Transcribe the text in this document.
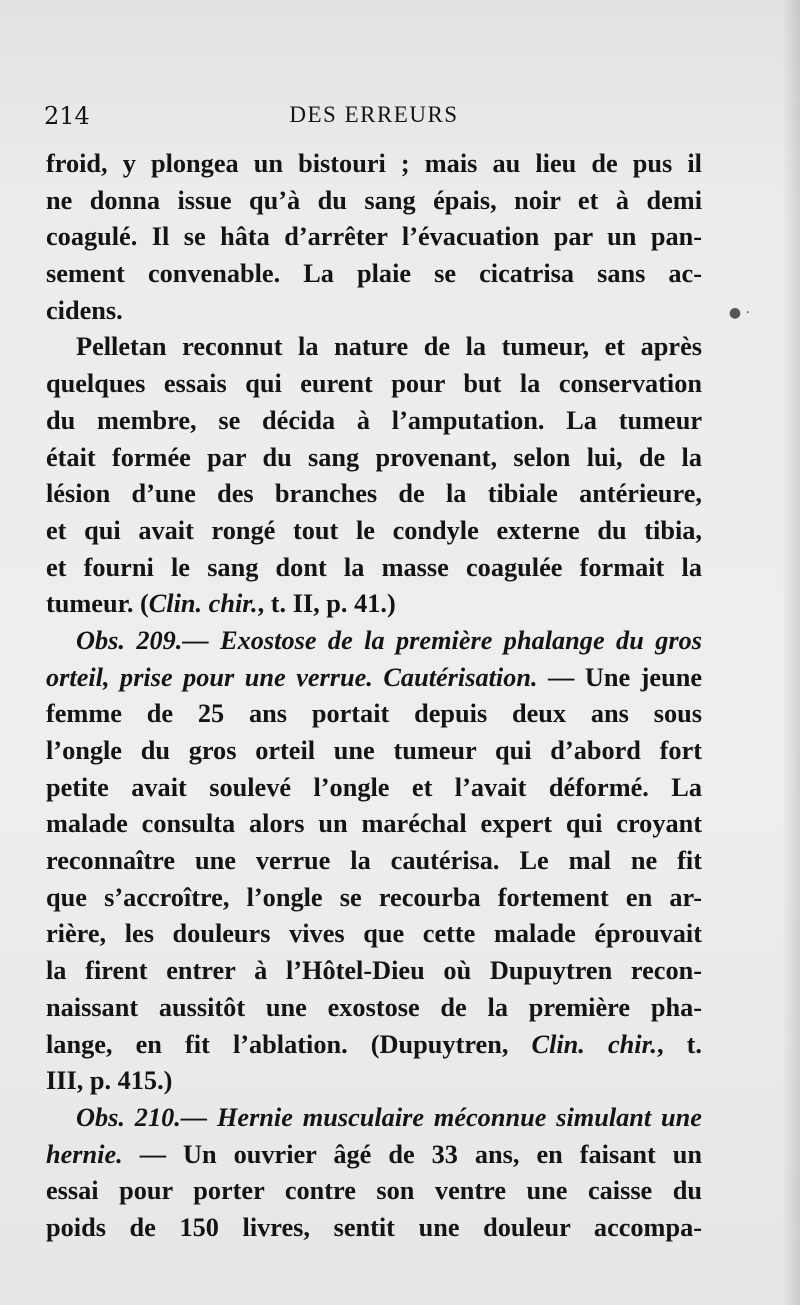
214	DES ERREURS
● ·
froid, y plongea un bistouri ; mais au lieu de pus il
ne donna issue qu’à du sang épais, noir et à demi
coagulé. Il se hâta d’arrêter l’évacuation par un pan-
sement convenable. La plaie se cicatrisa sans ac-
cidens.
Pelletan reconnut la nature de la tumeur, et après
quelques essais qui eurent pour but la conservation
du membre, se décida à l’amputation. La tumeur
était formée par du sang provenant, selon lui, de la
lésion d’une des branches de la tibiale antérieure,
et qui avait rongé tout le condyle externe du tibia,
et fourni le sang dont la masse coagulée formait la
tumeur. (Clin. chir., t. II, p. 41.)
Obs. 209.— Exostose de la première phalange du gros
orteil, prise pour une verrue. Cautérisation. — Une jeune
femme de 25 ans portait depuis deux ans sous
l’ongle du gros orteil une tumeur qui d’abord fort
petite avait soulevé l’ongle et l’avait déformé. La
malade consulta alors un maréchal expert qui croyant
reconnaître une verrue la cautérisa. Le mal ne fit
que s’accroître, l’ongle se recourba fortement en ar-
rière, les douleurs vives que cette malade éprouvait
la firent entrer à l’Hôtel-Dieu où Dupuytren recon-
naissant aussitôt une exostose de la première pha-
lange, en fit l’ablation. (Dupuytren, Clin. chir., t.
III, p. 415.)
Obs. 210.— Hernie musculaire méconnue simulant une
hernie. — Un ouvrier âgé de 33 ans, en faisant un
essai pour porter contre son ventre une caisse du
poids de 150 livres, sentit une douleur accompa-
